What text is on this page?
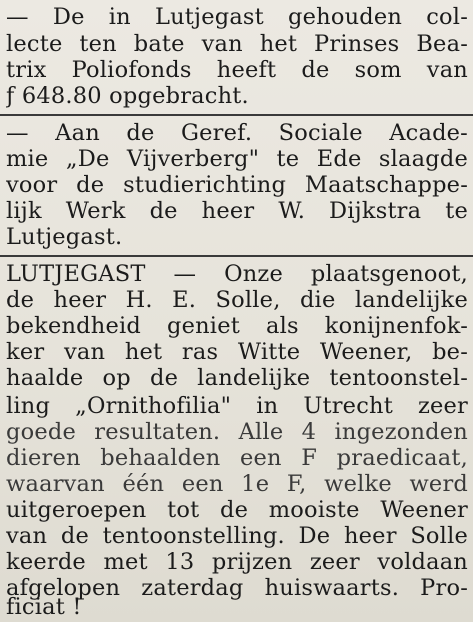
— De in Lutjegast gehouden col-
lecte ten bate van het Prinses Bea-
trix Poliofonds heeft de som van
ƒ 648.80 opgebracht.
— Aan de Geref. Sociale Acade-
mie „De Vijverberg" te Ede slaagde
voor de studierichting Maatschappe-
lijk Werk de heer W. Dijkstra te
Lutjegast.
LUTJEGAST — Onze plaatsgenoot,
de heer H. E. Solle, die landelijke
bekendheid geniet als konijnenfok-
ker van het ras Witte Weener, be-
haalde op de landelijke tentoonstel-
ling „Ornithofilia" in Utrecht zeer
goede resultaten. Alle 4 ingezonden
dieren behaalden een F praedicaat,
waarvan één een 1e F, welke werd
uitgeroepen tot de mooiste Weener
van de tentoonstelling. De heer Solle
keerde met 13 prijzen zeer voldaan
afgelopen zaterdag huiswaarts. Pro-
ficiat !
